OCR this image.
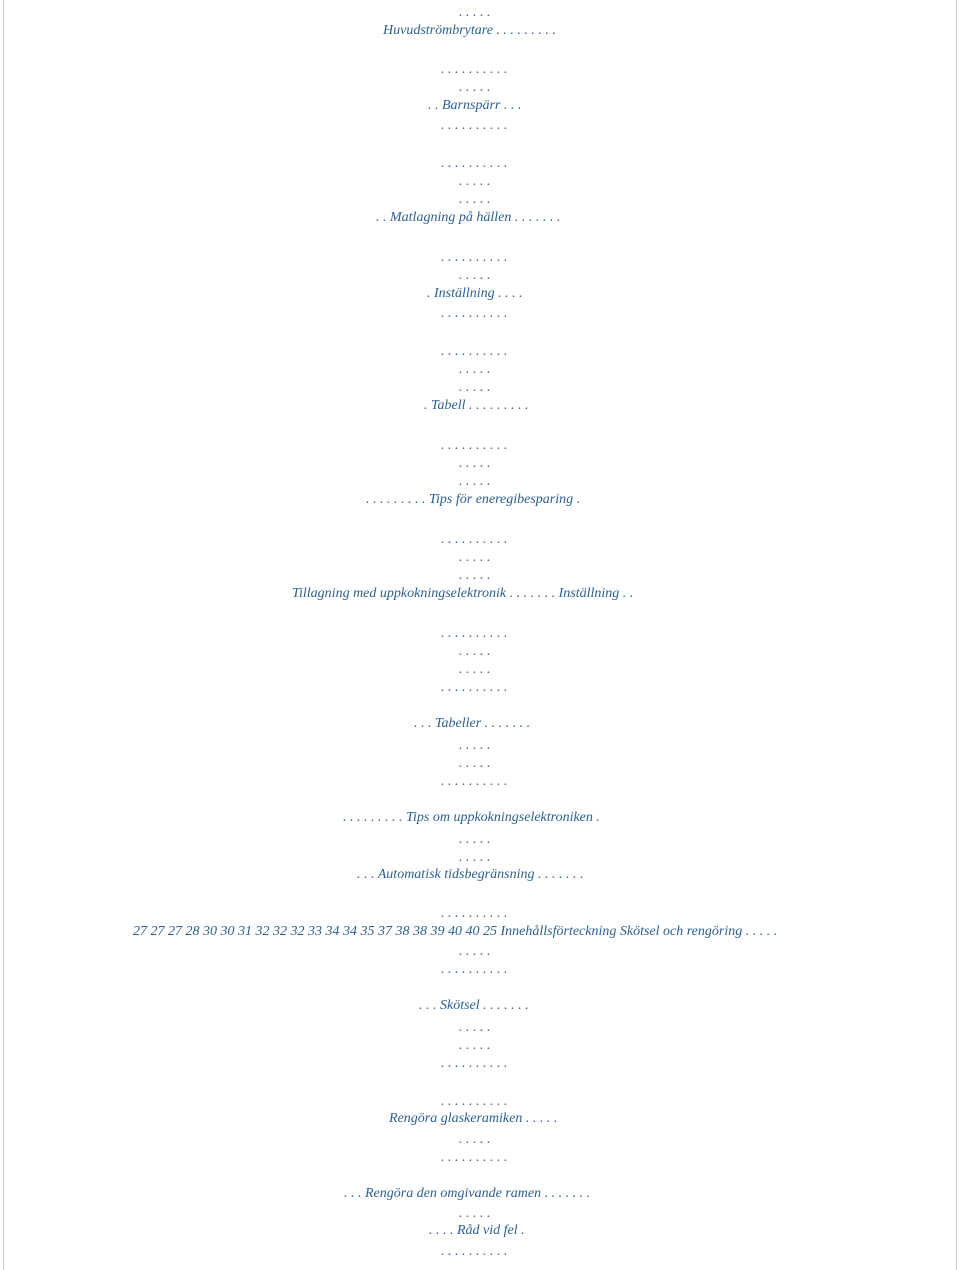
. . . . .
Huvudströmbrytare . . . . . . . . .
. . . . . . . . . .
. . . . .
. . Barnspärr . . .
. . . . . . . . . .
. . . . . . . . . .
. . . . .
. . . . .
. . Matlagning på hällen . . . . . . .
. . . . . . . . . .
. . . . .
. Inställning . . . .
. . . . . . . . . .
. . . . . . . . . .
. . . . .
. . . . .
. Tabell . . . . . . . . .
. . . . . . . . . .
. . . . .
. . . . .
. . . . . . . . . Tips för eneregibesparing .
. . . . . . . . . .
. . . . .
. . . . .
Tillagning med uppkokningselektronik . . . . . . . Inställning . .
. . . . . . . . . .
. . . . .
. . . . .
. . . . . . . . . .
. . . Tabeller . . . . . . .
. . . . .
. . . . .
. . . . . . . . . .
. . . . . . . . . Tips om uppkokningselektroniken .
. . . . .
. . . . .
. . . Automatisk tidsbegränsning . . . . . . .
. . . . . . . . . .
27 27 27 28 30 30 31 32 32 32 33 34 34 35 37 38 38 39 40 40 25 Innehållsförteckning Skötsel och rengöring . . . . .
. . . . .
. . . . . . . . . .
. . . Skötsel . . . . . . .
. . . . .
. . . . .
. . . . . . . . . .
. . . . . . . . . .
Rengöra glaskeramiken . . . . .
. . . . .
. . . . . . . . . .
. . . Rengöra den omgivande ramen . . . . . . .
. . . . .
. . . . Råd vid fel .
. . . . . . . . . .
